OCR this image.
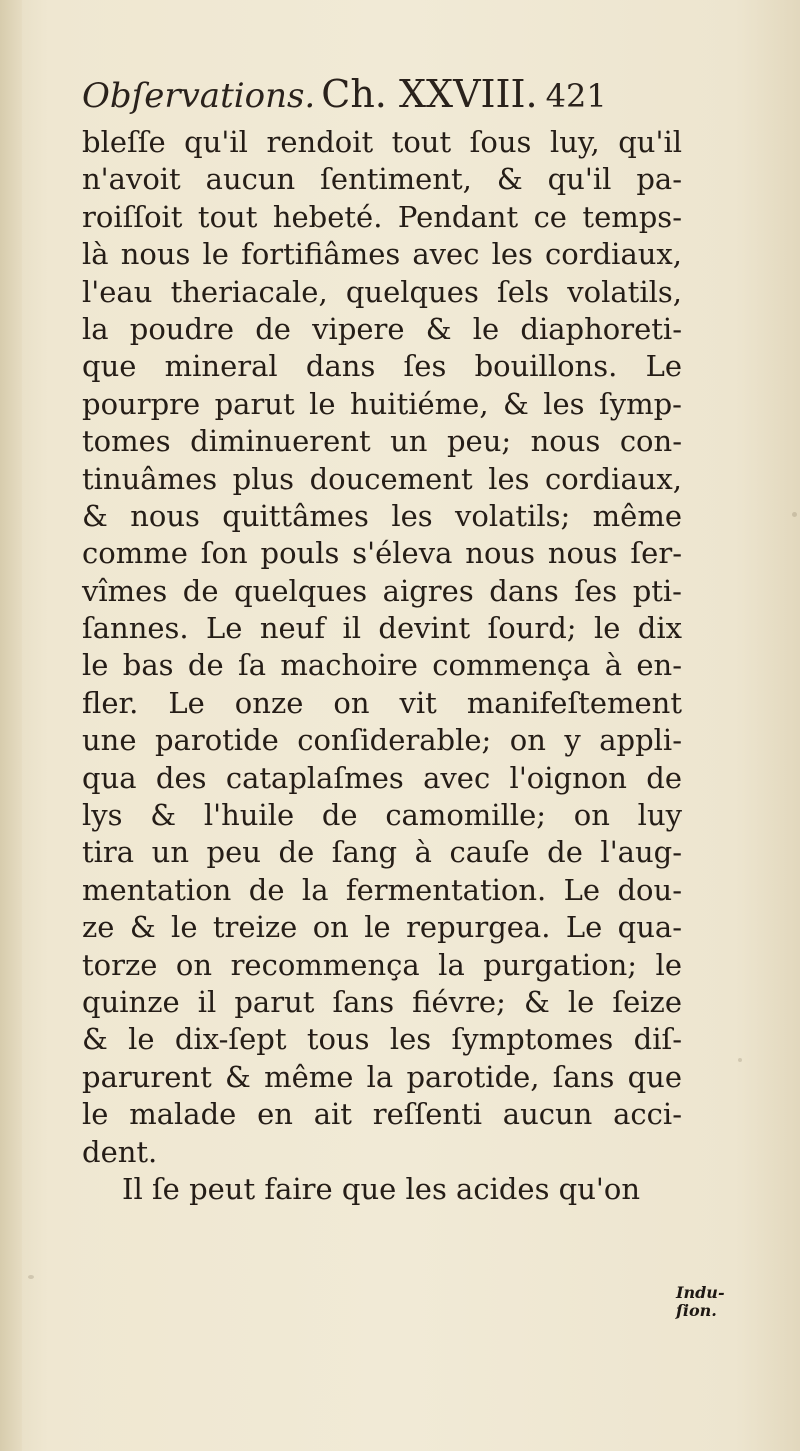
Obſervations. Ch. XXVIII. 421
bleſſe qu'il rendoit tout ſous luy, qu'il
n'avoit aucun ſentiment, & qu'il pa-
roiſſoit tout hebeté. Pendant ce temps-
là nous le fortifiâmes avec les cordiaux,
l'eau theriacale, quelques ſels volatils,
la poudre de vipere & le diaphoreti-
que mineral dans ſes bouillons. Le
pourpre parut le huitiéme, & les ſymp-
tomes diminuerent un peu; nous con-
tinuâmes plus doucement les cordiaux,
& nous quittâmes les volatils; même
comme ſon pouls s'éleva nous nous ſer-
vîmes de quelques aigres dans ſes pti-
ſannes. Le neuf il devint ſourd; le dix
le bas de ſa machoire commença à en-
fler. Le onze on vit manifeſtement
une parotide conſiderable; on y appli-
qua des cataplaſmes avec l'oignon de
lys & l'huile de camomille; on luy
tira un peu de ſang à cauſe de l'aug-
mentation de la fermentation. Le dou-
ze & le treize on le repurgea. Le qua-
torze on recommença la purgation; le
quinze il parut ſans fiévre; & le ſeize
& le dix-ſept tous les ſymptomes diſ-
parurent & même la parotide, ſans que
le malade en ait reſſenti aucun acci-
dent.
Il ſe peut faire que les acides qu'on
Indu-
ſion.
